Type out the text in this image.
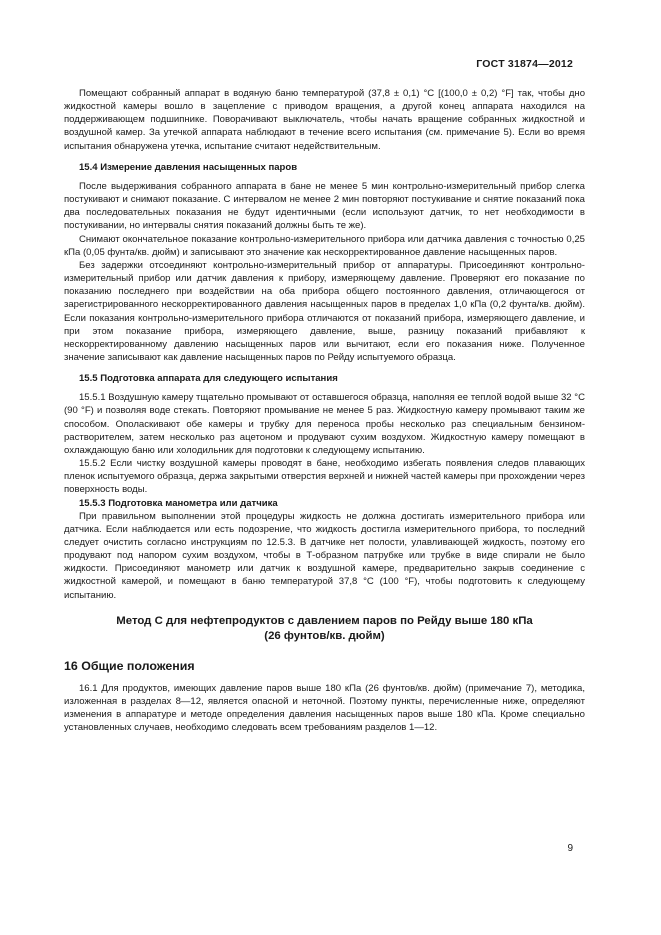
ГОСТ 31874—2012

Помещают собранный аппарат в водяную баню температурой (37,8 ± 0,1) °С [(100,0 ± 0,2) °F] так, чтобы дно жидкостной камеры вошло в зацепление с приводом вращения, а другой конец аппарата находился на поддерживающем подшипнике. Поворачивают выключатель, чтобы начать вращение собранных жидкостной и воздушной камер. За утечкой аппарата наблюдают в течение всего испытания (см. примечание 5). Если во время испытания обнаружена утечка, испытание считают недействительным.

15.4 Измерение давления насыщенных паров

После выдерживания собранного аппарата в бане не менее 5 мин контрольно-измерительный прибор слегка постукивают и снимают показание. С интервалом не менее 2 мин повторяют постукивание и снятие показаний пока два последовательных показания не будут идентичными (если используют датчик, то нет необходимости в постукивании, но интервалы снятия показаний должны быть те же).

Снимают окончательное показание контрольно-измерительного прибора или датчика давления с точностью 0,25 кПа (0,05 фунта/кв. дюйм) и записывают это значение как нескорректированное давление насыщенных паров.

Без задержки отсоединяют контрольно-измерительный прибор от аппаратуры. Присоединяют контрольно-измерительный прибор или датчик давления к прибору, измеряющему давление. Проверяют его показание по показанию последнего при воздействии на оба прибора общего постоянного давления, отличающегося от зарегистрированного нескорректированного давления насыщенных паров в пределах 1,0 кПа (0,2 фунта/кв. дюйм). Если показания контрольно-измерительного прибора отличаются от показаний прибора, измеряющего давление, и при этом показание прибора, измеряющего давление, выше, разницу показаний прибавляют к нескорректированному давлению насыщенных паров или вычитают, если его показания ниже. Полученное значение записывают как давление насыщенных паров по Рейду испытуемого образца.

15.5 Подготовка аппарата для следующего испытания

15.5.1 Воздушную камеру тщательно промывают от оставшегося образца, наполняя ее теплой водой выше 32 °С (90 °F) и позволяя воде стекать. Повторяют промывание не менее 5 раз. Жидкостную камеру промывают таким же способом. Ополаскивают обе камеры и трубку для переноса пробы несколько раз специальным бензином-растворителем, затем несколько раз ацетоном и продувают сухим воздухом. Жидкостную камеру помещают в охлаждающую баню или холодильник для подготовки к следующему испытанию.

15.5.2 Если чистку воздушной камеры проводят в бане, необходимо избегать появления следов плавающих пленок испытуемого образца, держа закрытыми отверстия верхней и нижней частей камеры при прохождении через поверхность воды.

15.5.3 Подготовка манометра или датчика

При правильном выполнении этой процедуры жидкость не должна достигать измерительного прибора или датчика. Если наблюдается или есть подозрение, что жидкость достигла измерительного прибора, то последний следует очистить согласно инструкциям по 12.5.3. В датчике нет полости, улавливающей жидкость, поэтому его продувают под напором сухим воздухом, чтобы в Т-образном патрубке или трубке в виде спирали не было жидкости. Присоединяют манометр или датчик к воздушной камере, предварительно закрыв соединение с жидкостной камерой, и помещают в баню температурой 37,8 °С (100 °F), чтобы подготовить к следующему испытанию.

Метод С для нефтепродуктов с давлением паров по Рейду выше 180 кПа
(26 фунтов/кв. дюйм)
16 Общие положения

16.1 Для продуктов, имеющих давление паров выше 180 кПа (26 фунтов/кв. дюйм) (примечание 7), методика, изложенная в разделах 8—12, является опасной и неточной. Поэтому пункты, перечисленные ниже, определяют изменения в аппаратуре и методе определения давления насыщенных паров выше 180 кПа. Кроме специально установленных случаев, необходимо следовать всем требованиям разделов 1—12.

9
